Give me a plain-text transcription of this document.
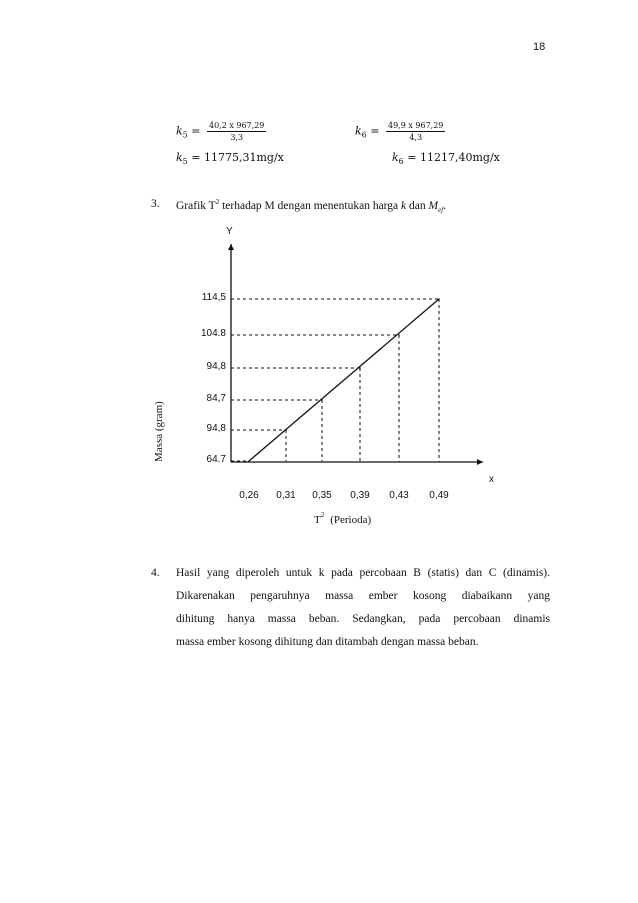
18
$k_5 = \frac{40,2 x 967,29}{3,3}$
$k_5 = 11775,31mg/x$
$k_6 = \frac{49,9 x 967,29}{4,3}$
$k_6 = 11217,40mg/x$
3. Grafik $T^2$ terhadap M dengan menentukan harga k dan $M_{ef}$.
Y
x
Massa (gram)
$T^2$ (Perioda)
0,26 0,31 0,35 0,39 0,43 0,49
64.7
94,8
84,7
94,8
104.8
114,5
4. Hasil yang diperoleh untuk k pada percobaan B (statis) dan C (dinamis).
Dikarenakan pengaruhnya massa ember kosong diabaikann yang
dihitung hanya massa beban. Sedangkan, pada percobaan dinamis
massa ember kosong dihitung dan ditambah dengan massa beban.
